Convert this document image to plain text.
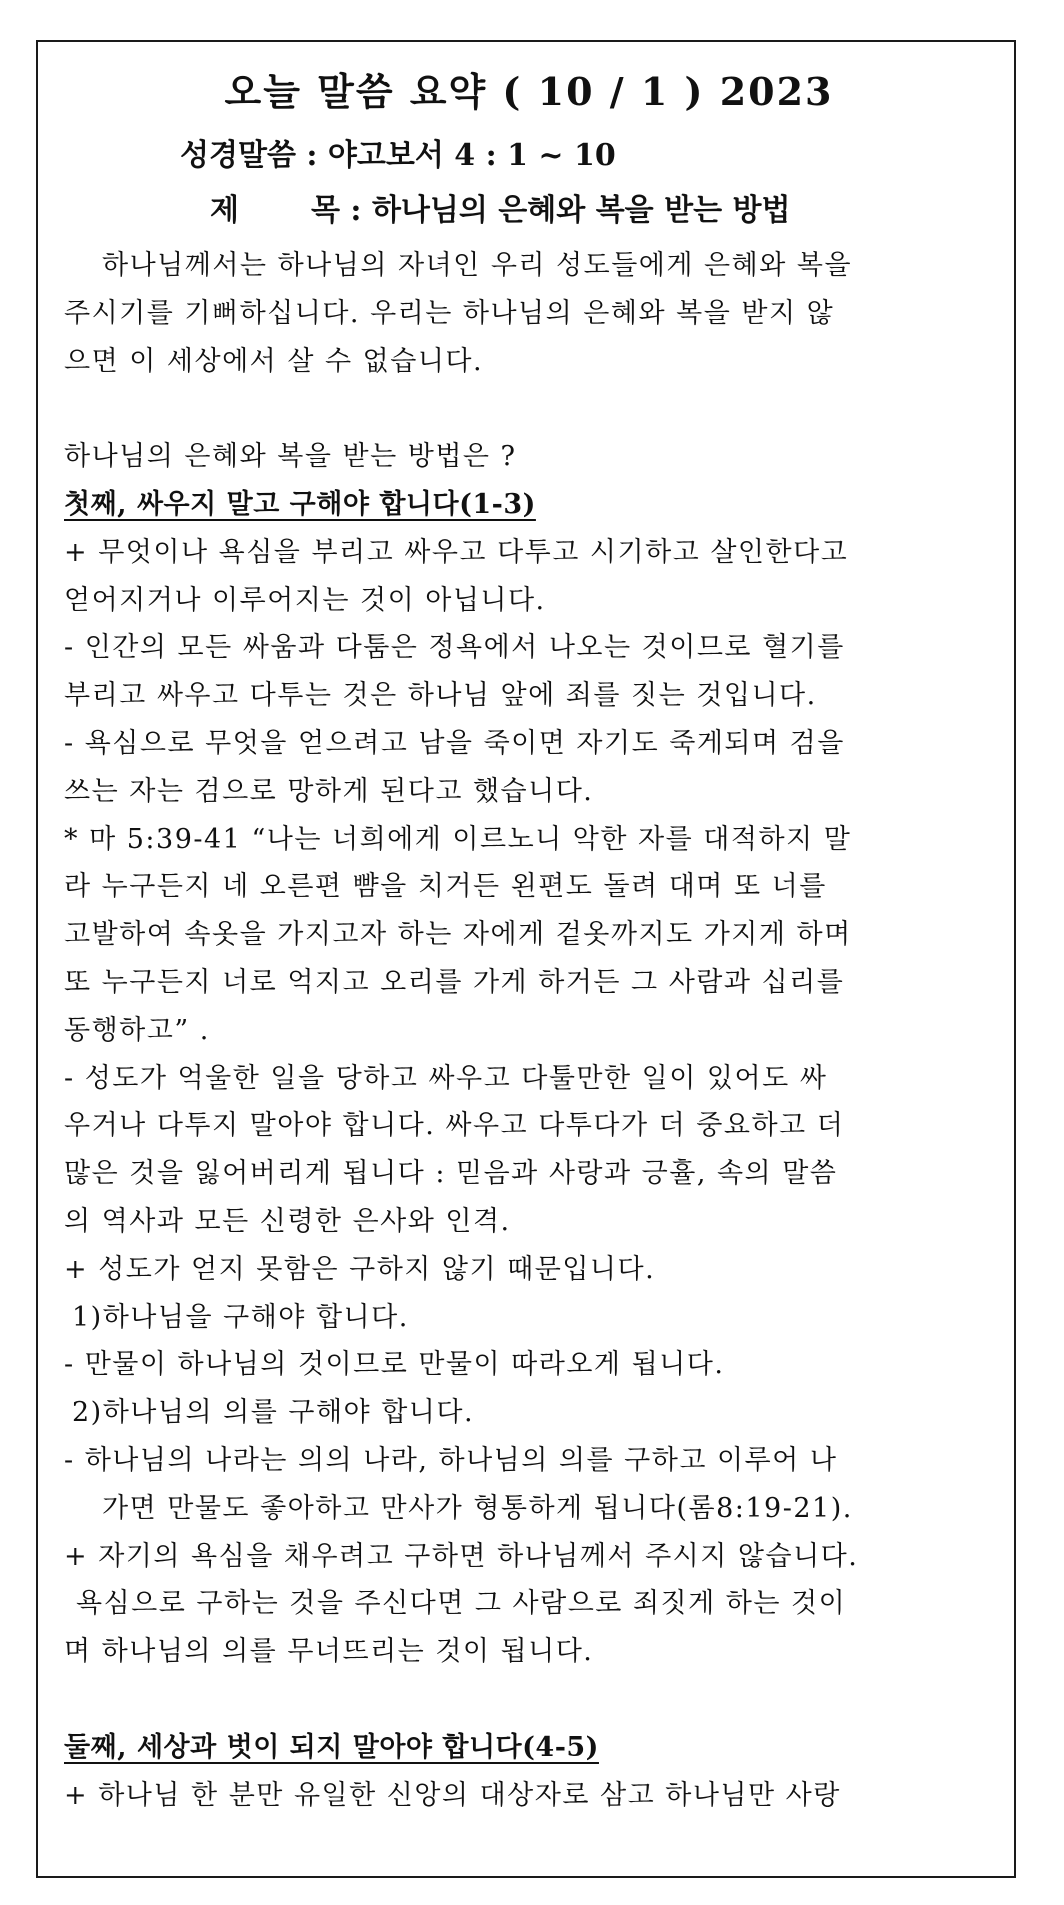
오늘 말씀 요약 ( 10 / 1 ) 2023
성경말씀 : 야고보서 4 : 1 ~ 10
제 목 : 하나님의 은혜와 복을 받는 방법
하나님께서는 하나님의 자녀인 우리 성도들에게 은혜와 복을
주시기를 기뻐하십니다. 우리는 하나님의 은혜와 복을 받지 않
으면 이 세상에서 살 수 없습니다.
하나님의 은혜와 복을 받는 방법은 ?
첫째, 싸우지 말고 구해야 합니다(1-3)
+ 무엇이나 욕심을 부리고 싸우고 다투고 시기하고 살인한다고
얻어지거나 이루어지는 것이 아닙니다.
- 인간의 모든 싸움과 다툼은 정욕에서 나오는 것이므로 혈기를
부리고 싸우고 다투는 것은 하나님 앞에 죄를 짓는 것입니다.
- 욕심으로 무엇을 얻으려고 남을 죽이면 자기도 죽게되며 검을
쓰는 자는 검으로 망하게 된다고 했습니다.
* 마 5:39-41 “나는 너희에게 이르노니 악한 자를 대적하지 말
라 누구든지 네 오른편 뺨을 치거든 왼편도 돌려 대며 또 너를
고발하여 속옷을 가지고자 하는 자에게 겉옷까지도 가지게 하며
또 누구든지 너로 억지고 오리를 가게 하거든 그 사람과 십리를
동행하고” .
- 성도가 억울한 일을 당하고 싸우고 다툴만한 일이 있어도 싸
우거나 다투지 말아야 합니다. 싸우고 다투다가 더 중요하고 더
많은 것을 잃어버리게 됩니다 : 믿음과 사랑과 긍휼, 속의 말씀
의 역사과 모든 신령한 은사와 인격.
+ 성도가 얻지 못함은 구하지 않기 때문입니다.
1)하나님을 구해야 합니다.
- 만물이 하나님의 것이므로 만물이 따라오게 됩니다.
2)하나님의 의를 구해야 합니다.
- 하나님의 나라는 의의 나라, 하나님의 의를 구하고 이루어 나
가면 만물도 좋아하고 만사가 형통하게 됩니다(롬8:19-21).
+ 자기의 욕심을 채우려고 구하면 하나님께서 주시지 않습니다.
욕심으로 구하는 것을 주신다면 그 사람으로 죄짓게 하는 것이
며 하나님의 의를 무너뜨리는 것이 됩니다.
둘째, 세상과 벗이 되지 말아야 합니다(4-5)
+ 하나님 한 분만 유일한 신앙의 대상자로 삼고 하나님만 사랑
